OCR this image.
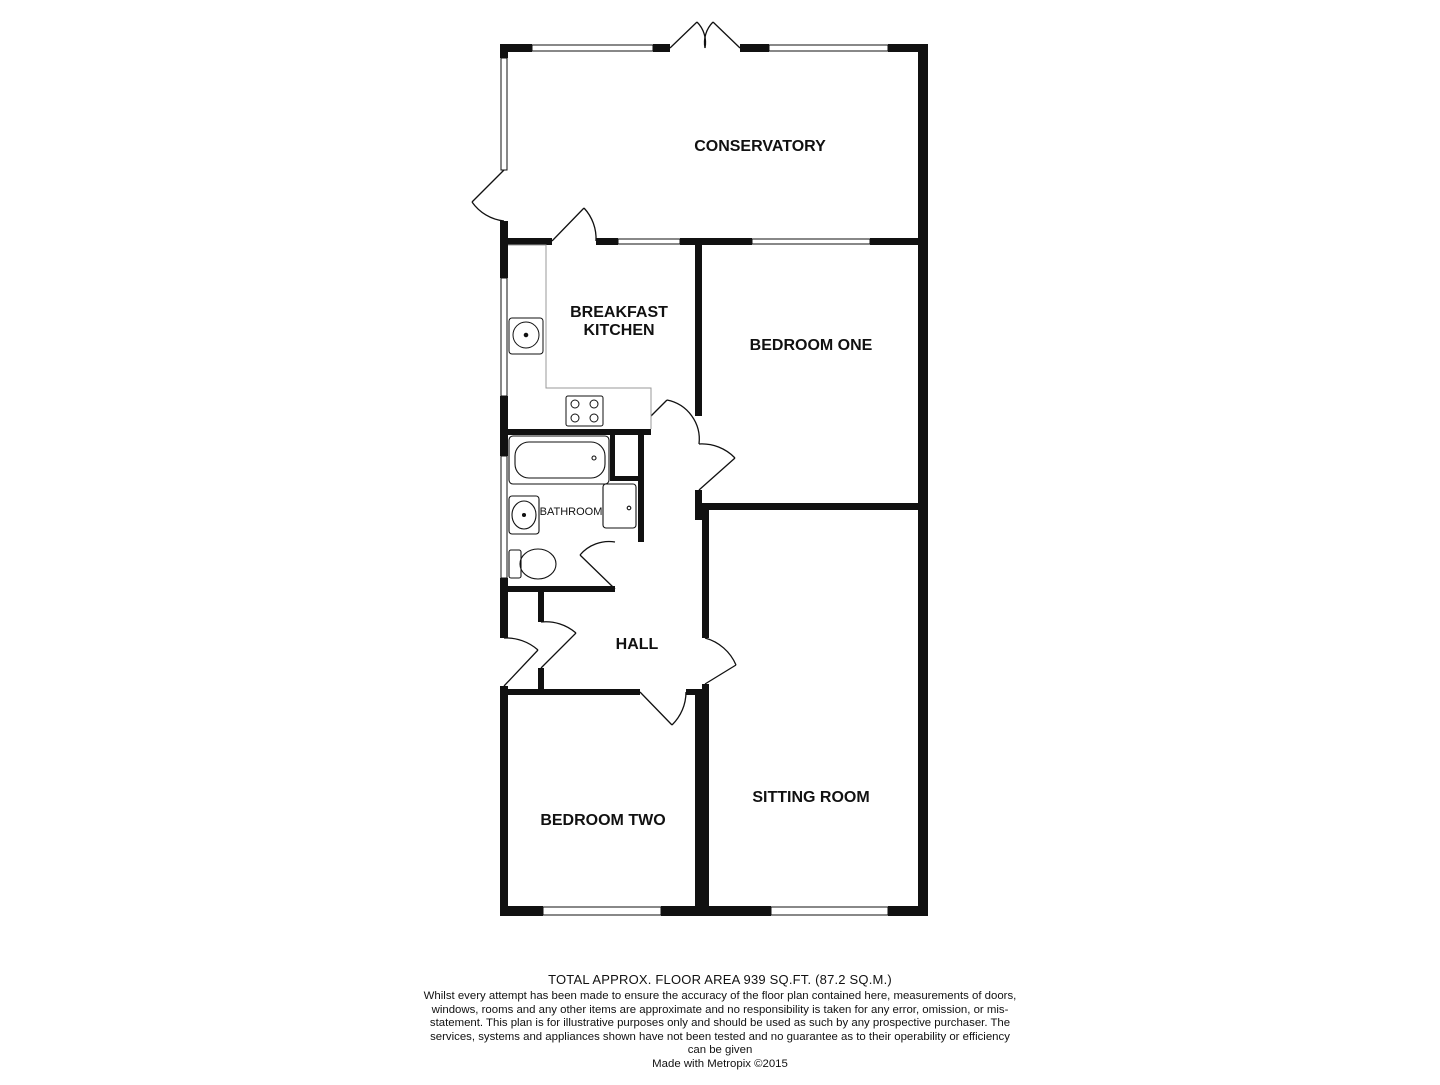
CONSERVATORY
BREAKFAST
KITCHEN
BEDROOM ONE
BATHROOM
HALL
SITTING ROOM
BEDROOM TWO
TOTAL APPROX. FLOOR AREA 939 SQ.FT. (87.2 SQ.M.)
Whilst every attempt has been made to ensure the accuracy of the floor plan contained here, measurements of doors, windows, rooms and any other items are approximate and no responsibility is taken for any error, omission, or mis-statement. This plan is for illustrative purposes only and should be used as such by any prospective purchaser. The services, systems and appliances shown have not been tested and no guarantee as to their operability or efficiency can be given
Made with Metropix ©2015
